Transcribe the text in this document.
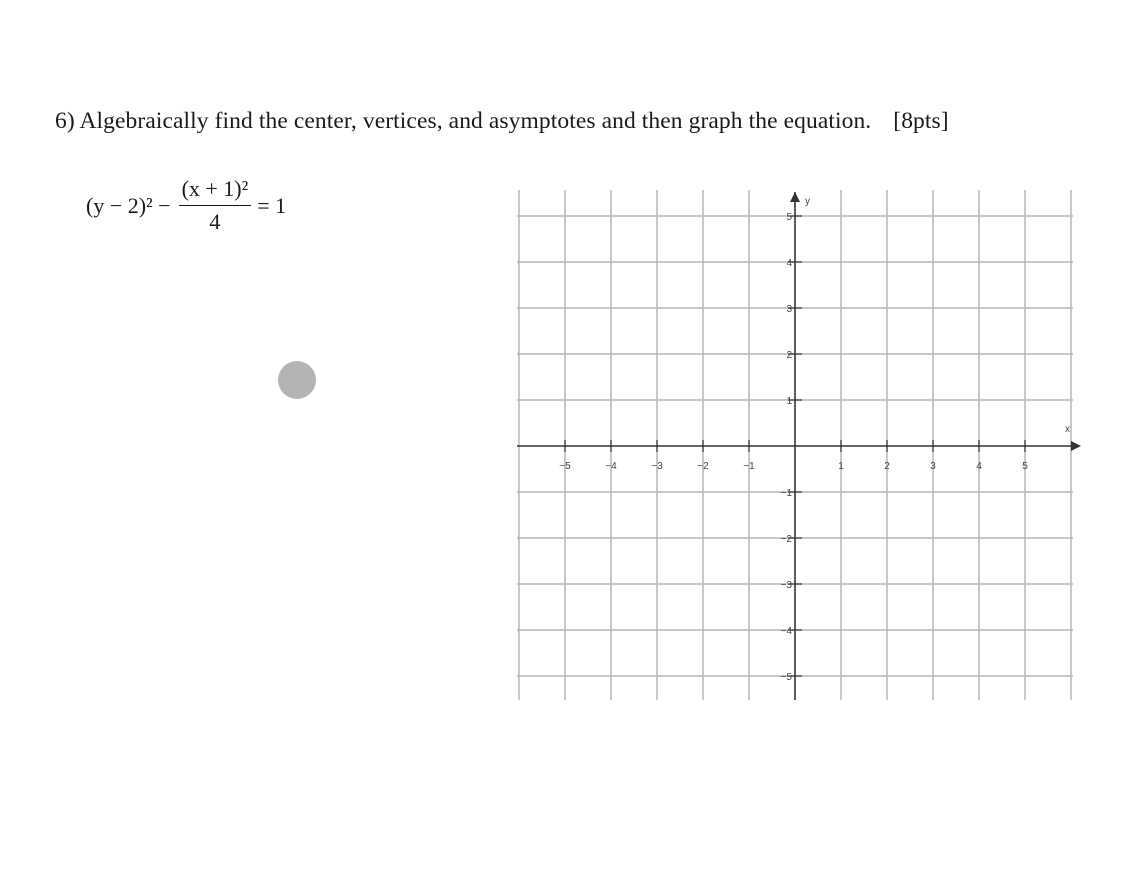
6) Algebraically find the center, vertices, and asymptotes and then graph the equation. [8pts]
$(y - 2)^2 - \frac{\text{(x + 1)²}}{4} = 1$
x
y
−5	−4	−3	−2	−1	1	2	3	4	5
5
4
3
2
1
−1
−2
−3
−4
−5
